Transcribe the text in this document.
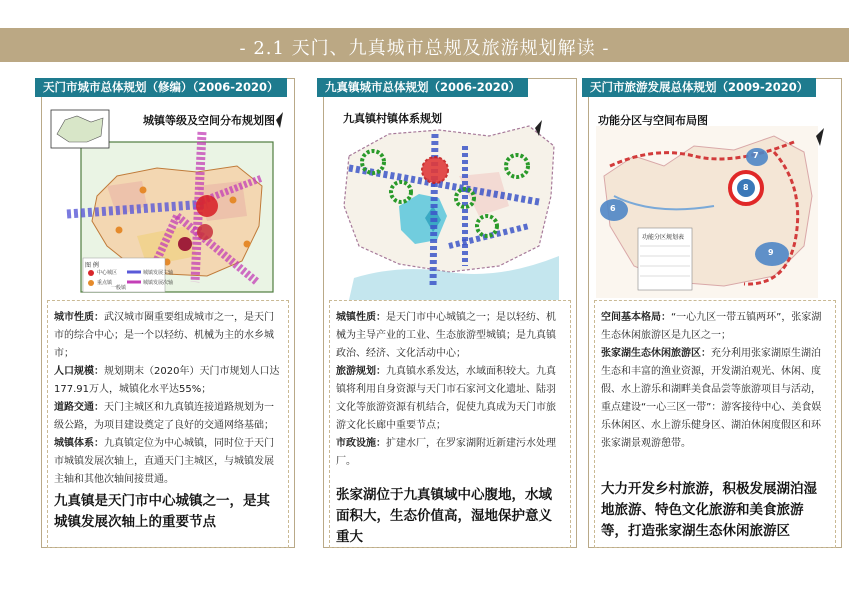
- 2.1 天门、九真城市总规及旅游规划解读 -
天门市城市总体规划（修编）（2006-2020）
城镇等级及空间分布规划图
图 例
中心城区
重点镇
一般镇
城镇发展主轴
城镇发展次轴
城市性质：武汉城市圈重要组成城市之一，是天门市的综合中心；是一个以轻纺、机械为主的水乡城市；
人口规模：规划期末（2020年）天门市规划人口达177.91万人，城镇化水平达55%；
道路交通：天门主城区和九真镇连接道路规划为一级公路，为项目建设奠定了良好的交通网络基础；
城镇体系：九真镇定位为中心城镇，同时位于天门市城镇发展次轴上，直通天门主城区，与城镇发展主轴和其他次轴间接贯通。
九真镇是天门市中心城镇之一，是其城镇发展次轴上的重要节点
九真镇城市总体规划（2006-2020）
九真镇村镇体系规划
城镇性质：是天门市中心城镇之一；是以轻纺、机械为主导产业的工业、生态旅游型城镇；是九真镇政治、经济、文化活动中心；
旅游规划：九真镇水系发达，水域面积较大。九真镇将利用自身资源与天门市石家河文化遗址、陆羽文化等旅游资源有机结合，促使九真成为天门市旅游文化长廊中重要节点；
市政设施：扩建水厂，在罗家湖附近新建污水处理厂。
张家湖位于九真镇域中心腹地，水域面积大，生态价值高，湿地保护意义重大
天门市旅游发展总体规划（2009-2020）
功能分区与空间布局图
7
8
6
9
功能分区规划表
空间基本格局：“一心九区一带五镇两环”，张家湖生态休闲旅游区是九区之一；
张家湖生态休闲旅游区：充分利用张家湖原生湖泊生态和丰富的渔业资源，开发湖泊观光、休闲、度假、水上游乐和湖畔美食品尝等旅游项目与活动，重点建设“一心三区一带”：游客接待中心、美食娱乐休闲区、水上游乐健身区、湖泊休闲度假区和环张家湖景观游憩带。
大力开发乡村旅游，积极发展湖泊湿地旅游、特色文化旅游和美食旅游等，打造张家湖生态休闲旅游区
